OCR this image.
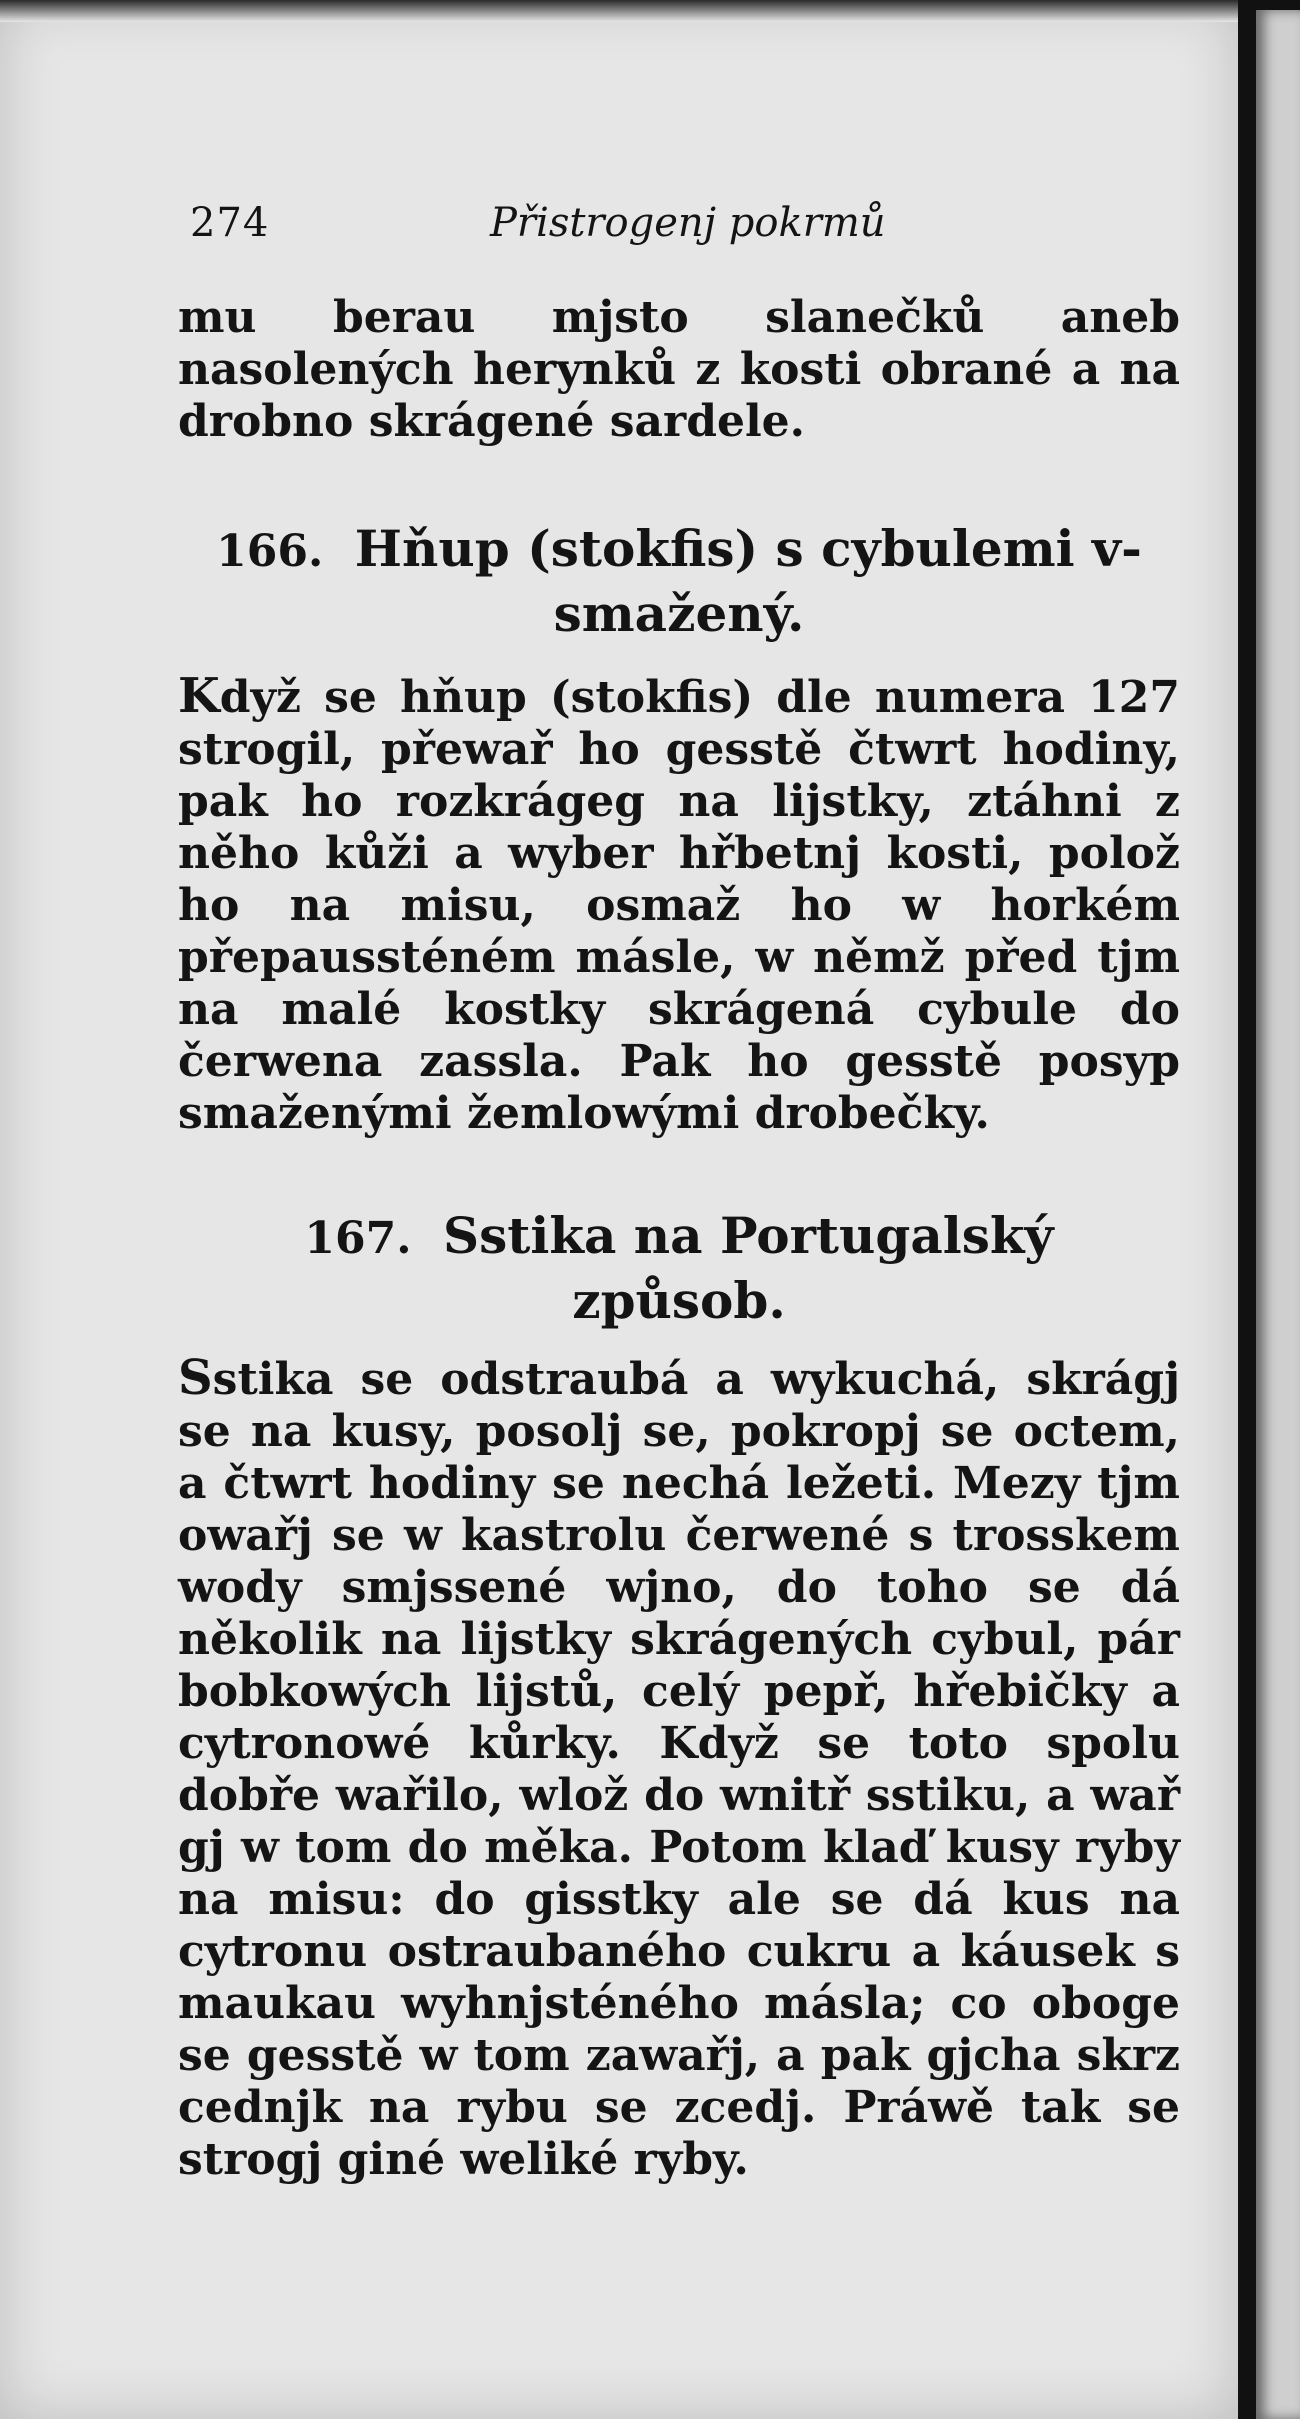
274	Přistrogenj pokrmů
mu berau mjsto slanečků aneb nasolených herynků z kosti obrané a na drobno skrágené sardele.
166. Hňup (stokfis) s cybulemi v-
smažený.
Když se hňup (stokfis) dle numera 127 strogil, přewař ho gesstě čtwrt hodiny, pak ho rozkrágeg na lijstky, ztáhni z něho kůži a wyber hřbetnj kosti, polož ho na misu, osmaž ho w horkém přepaussténém másle, w němž před tjm na malé kostky skrágená cybule do čerwena zassla. Pak ho gesstě posyp smaženými žemlowými drobečky.
167. Sstika na Portugalský
způsob.
Sstika se odstraubá a wykuchá, skrágj se na kusy, posolj se, pokropj se octem, a čtwrt hodiny se nechá ležeti. Mezy tjm owařj se w kastrolu čerwené s trosskem wody smjssené wjno, do toho se dá několik na lijstky skrágených cybul, pár bobkowých lijstů, celý pepř, hřebičky a cytronowé kůrky. Když se toto spolu dobře wařilo, wlož do wnitř sstiku, a wař gj w tom do měka. Potom klaď kusy ryby na misu: do gisstky ale se dá kus na cytronu ostraubaného cukru a káusek s maukau wyhnjsténého másla; co oboge se gesstě w tom zawařj, a pak gjcha skrz cednjk na rybu se zcedj. Práwě tak se strogj giné weliké ryby.
